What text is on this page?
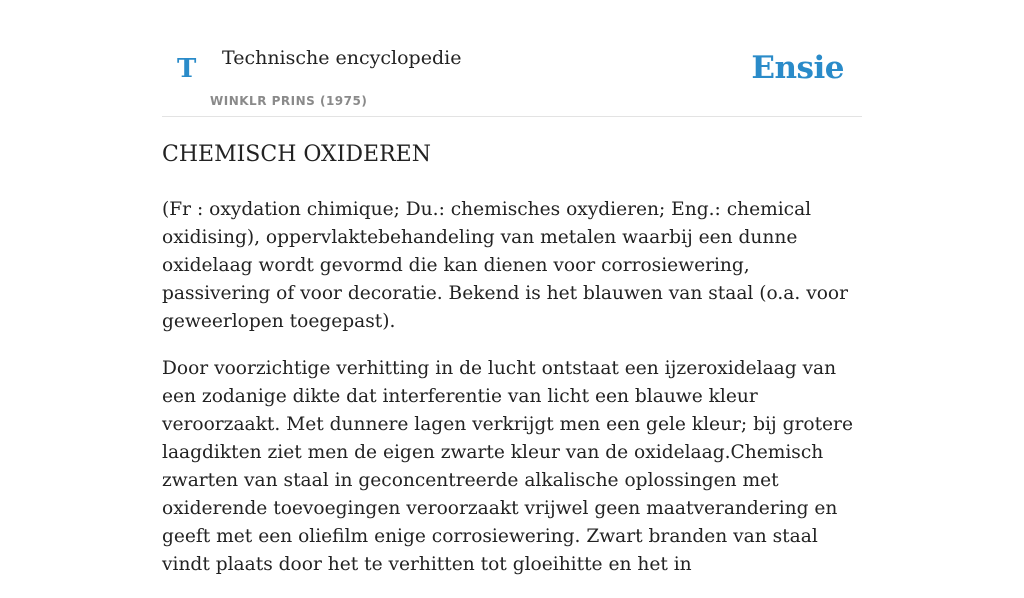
T Technische encyclopedie
WINKLR PRINS (1975)
Ensie
CHEMISCH OXIDEREN

(Fr : oxydation chimique; Du.: chemisches oxydieren; Eng.: chemical oxidising), oppervlaktebehandeling van metalen waarbij een dunne oxidelaag wordt gevormd die kan dienen voor corrosiewering, passivering of voor decoratie. Bekend is het blauwen van staal (o.a. voor geweerlopen toegepast).

Door voorzichtige verhitting in de lucht ontstaat een ijzeroxidelaag van een zodanige dikte dat interferentie van licht een blauwe kleur veroorzaakt. Met dunnere lagen verkrijgt men een gele kleur; bij grotere laagdikten ziet men de eigen zwarte kleur van de oxidelaag.Chemisch zwarten van staal in geconcentreerde alkalische oplossingen met oxiderende toevoegingen veroorzaakt vrijwel geen maatverandering en geeft met een oliefilm enige corrosiewering. Zwart branden van staal vindt plaats door het te verhitten tot gloeihitte en het in
